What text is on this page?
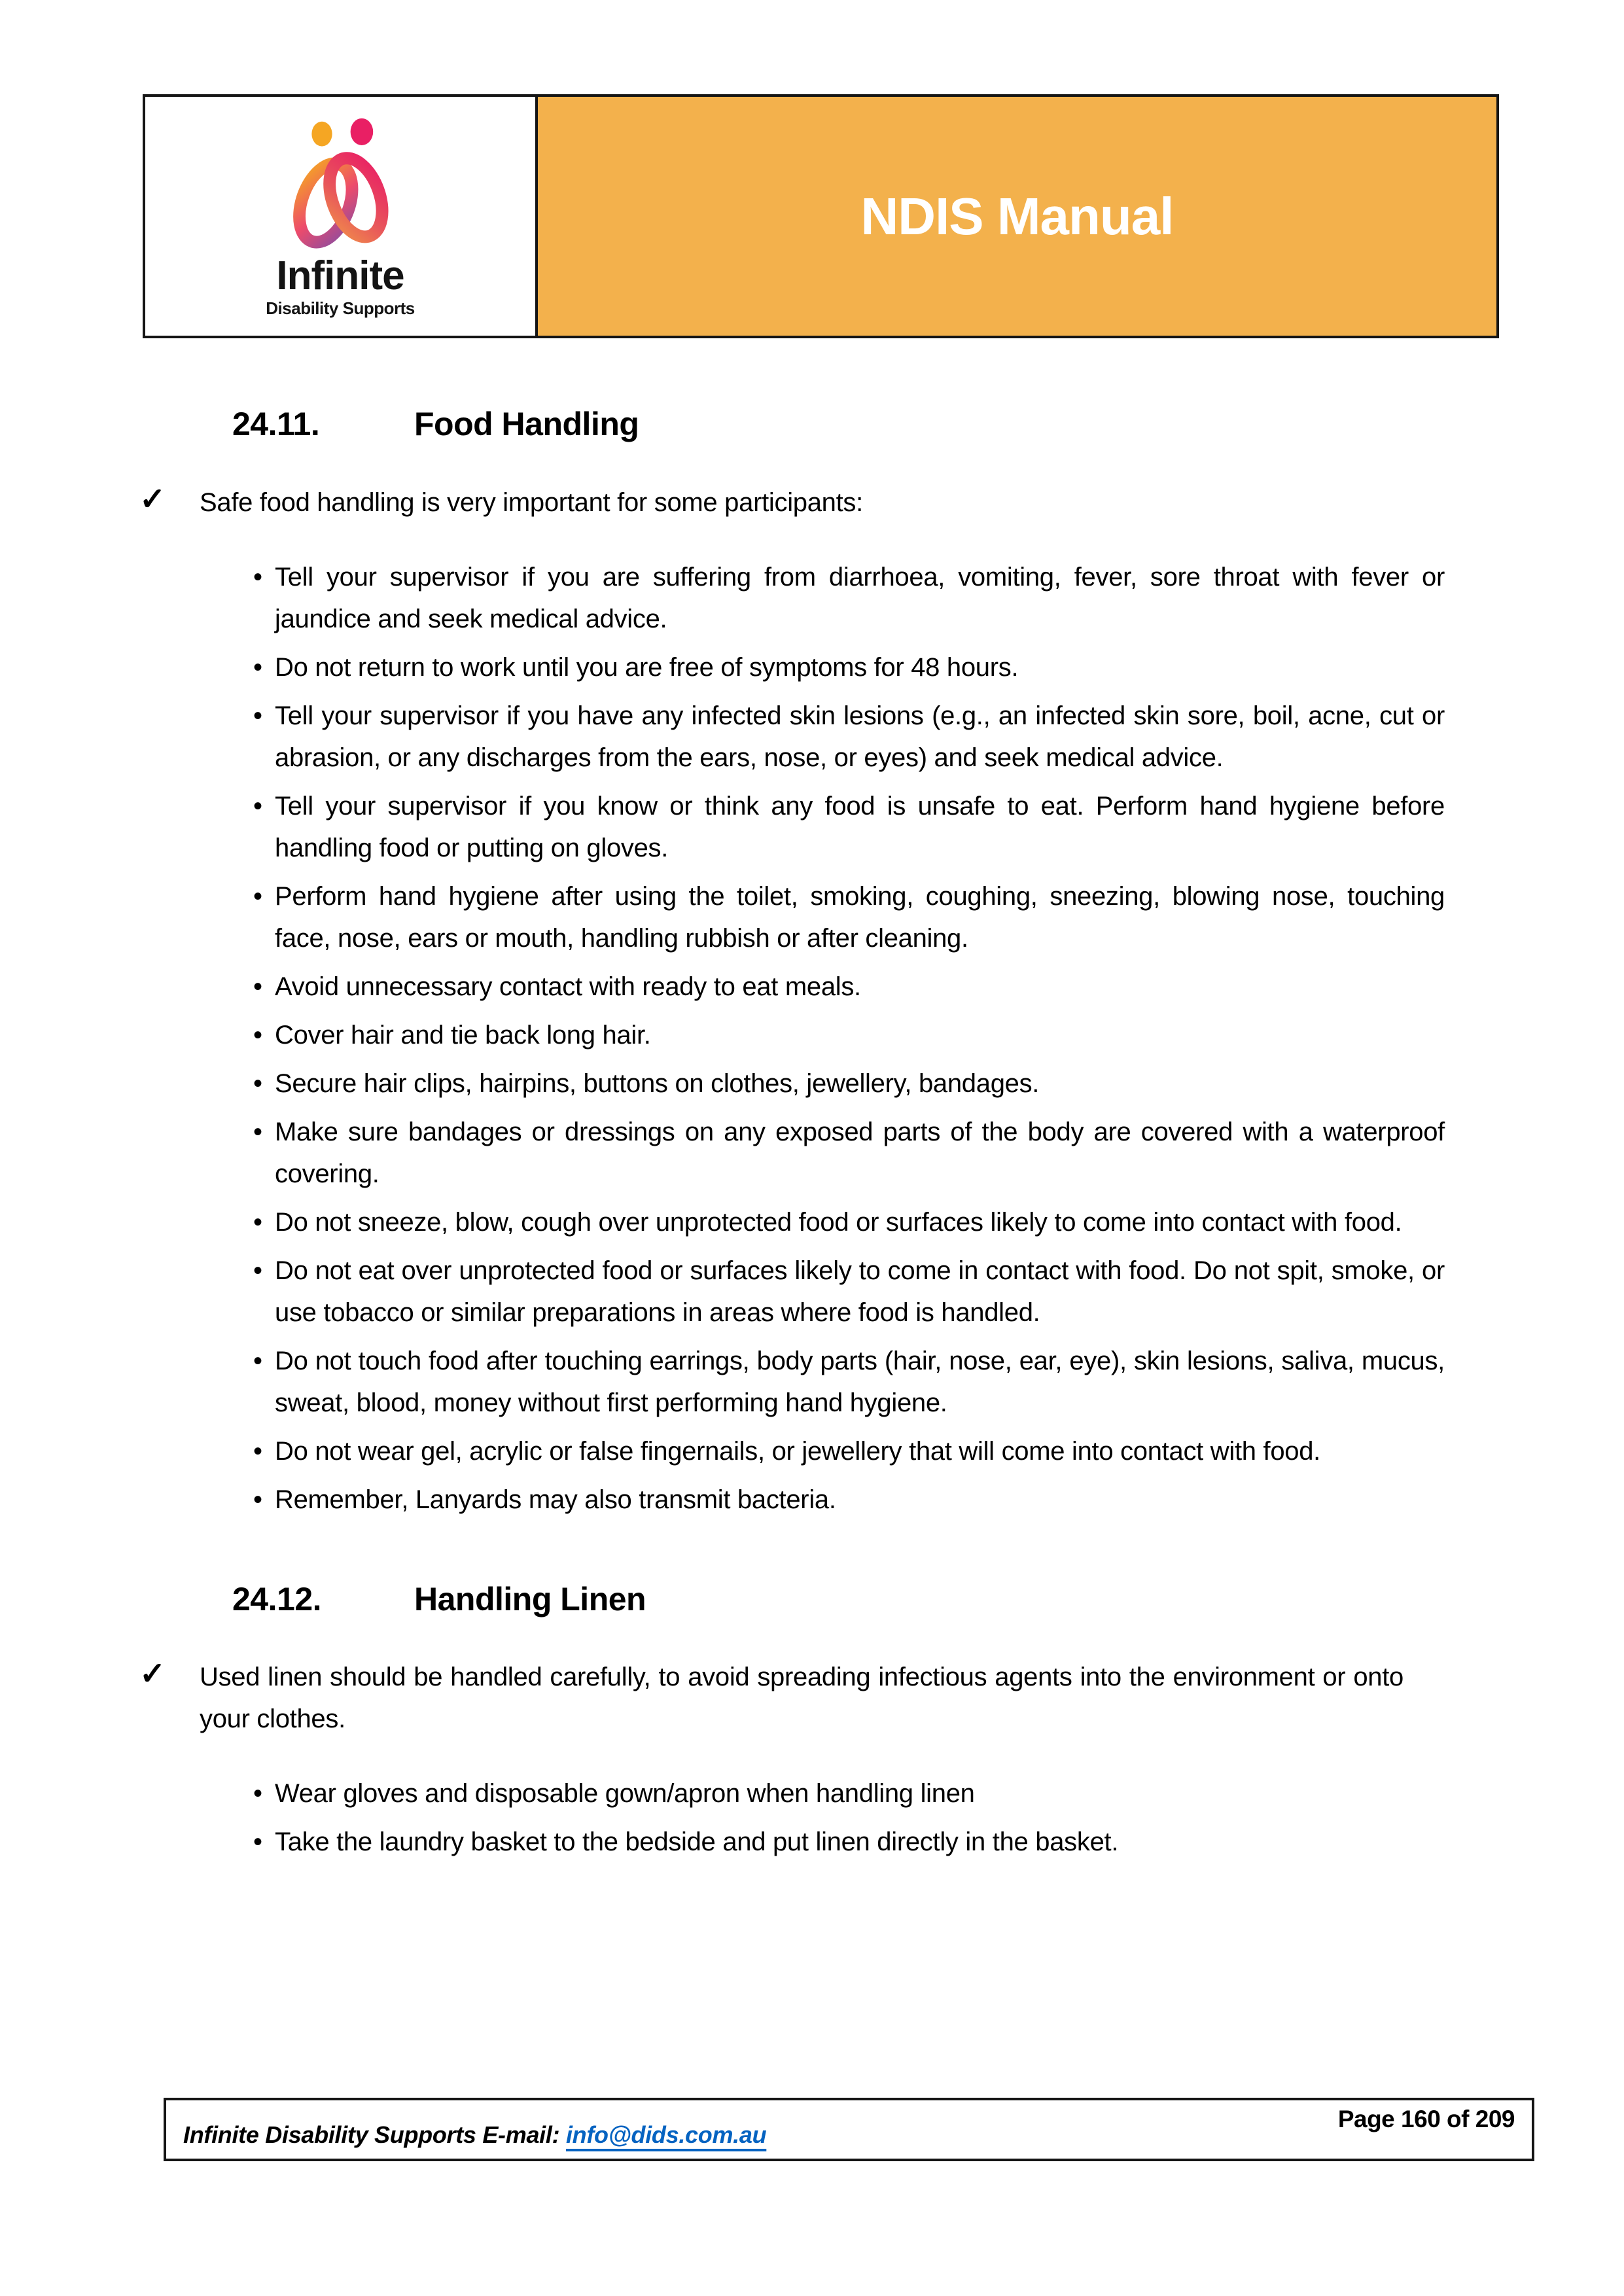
Infinite
Disability Supports
NDIS Manual
24.11.	Food Handling

✓ Safe food handling is very important for some participants:

• Tell your supervisor if you are suffering from diarrhoea, vomiting, fever, sore throat with fever or jaundice and seek medical advice.
• Do not return to work until you are free of symptoms for 48 hours.
• Tell your supervisor if you have any infected skin lesions (e.g., an infected skin sore, boil, acne, cut or abrasion, or any discharges from the ears, nose, or eyes) and seek medical advice.
• Tell your supervisor if you know or think any food is unsafe to eat. Perform hand hygiene before handling food or putting on gloves.
• Perform hand hygiene after using the toilet, smoking, coughing, sneezing, blowing nose, touching face, nose, ears or mouth, handling rubbish or after cleaning.
• Avoid unnecessary contact with ready to eat meals.
• Cover hair and tie back long hair.
• Secure hair clips, hairpins, buttons on clothes, jewellery, bandages.
• Make sure bandages or dressings on any exposed parts of the body are covered with a waterproof covering.
• Do not sneeze, blow, cough over unprotected food or surfaces likely to come into contact with food.
• Do not eat over unprotected food or surfaces likely to come in contact with food. Do not spit, smoke, or use tobacco or similar preparations in areas where food is handled.
• Do not touch food after touching earrings, body parts (hair, nose, ear, eye), skin lesions, saliva, mucus, sweat, blood, money without first performing hand hygiene.
• Do not wear gel, acrylic or false fingernails, or jewellery that will come into contact with food.
• Remember, Lanyards may also transmit bacteria.
24.12.	Handling Linen

✓ Used linen should be handled carefully, to avoid spreading infectious agents into the environment or onto your clothes.

• Wear gloves and disposable gown/apron when handling linen
• Take the laundry basket to the bedside and put linen directly in the basket.
Infinite Disability Supports E-mail: info@dids.com.au
Page 160 of 209
